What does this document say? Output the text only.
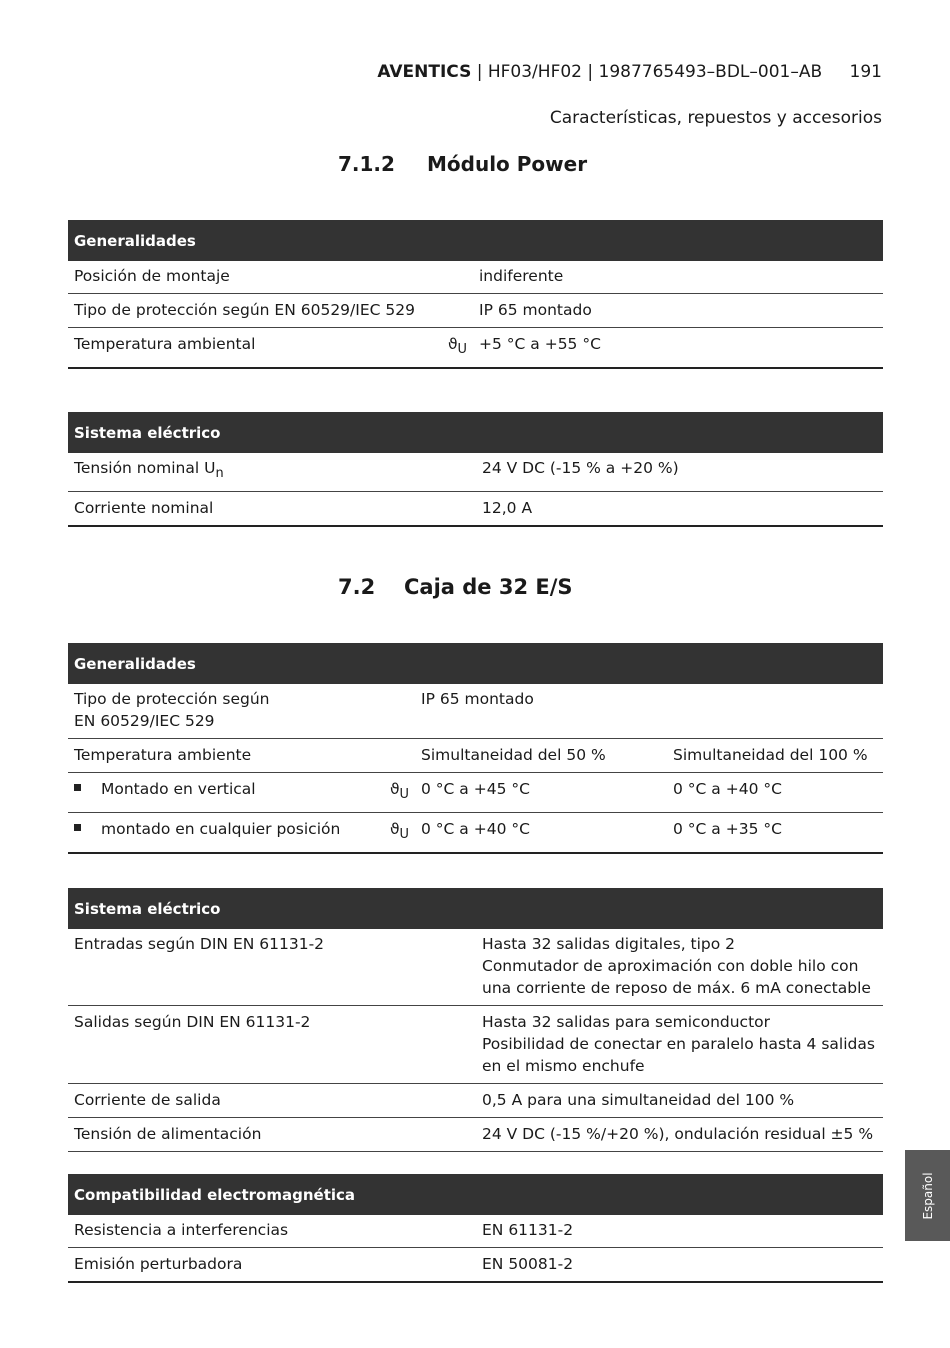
AVENTICS | HF03/HF02 | 1987765493–BDL–001–AB 191
Características, repuestos y accesorios
7.1.2 Módulo Power
Generalidades		
Posición de montaje		indiferente
Tipo de protección según EN 60529/IEC 529		IP 65 montado
Temperatura ambiental	$ϑ_U$	+5 °C a +55 °C
Sistema eléctrico	
Tensión nominal $U_n$	24 V DC (-15 % a +20 %)
Corriente nominal	12,0 A
7.2 Caja de 32 E/S
Generalidades			
Tipo de protección según
EN 60529/IEC 529		IP 65 montado	
Temperatura ambiente		Simultaneidad del 50 %	Simultaneidad del 100 %
Montado en vertical	$ϑ_U$	0 °C a +45 °C	0 °C a +40 °C
montado en cualquier posición	$ϑ_U$	0 °C a +40 °C	0 °C a +35 °C
Sistema eléctrico	
Entradas según DIN EN 61131-2	Hasta 32 salidas digitales, tipo 2
Conmutador de aproximación con doble hilo con
una corriente de reposo de máx. 6 mA conectable
Salidas según DIN EN 61131-2	Hasta 32 salidas para semiconductor
Posibilidad de conectar en paralelo hasta 4 salidas
en el mismo enchufe
Corriente de salida	0,5 A para una simultaneidad del 100 %
Tensión de alimentación	24 V DC (-15 %/+20 %), ondulación residual ±5 %
Compatibilidad electromagnética	
Resistencia a interferencias	EN 61131-2
Emisión perturbadora	EN 50081-2
Español
